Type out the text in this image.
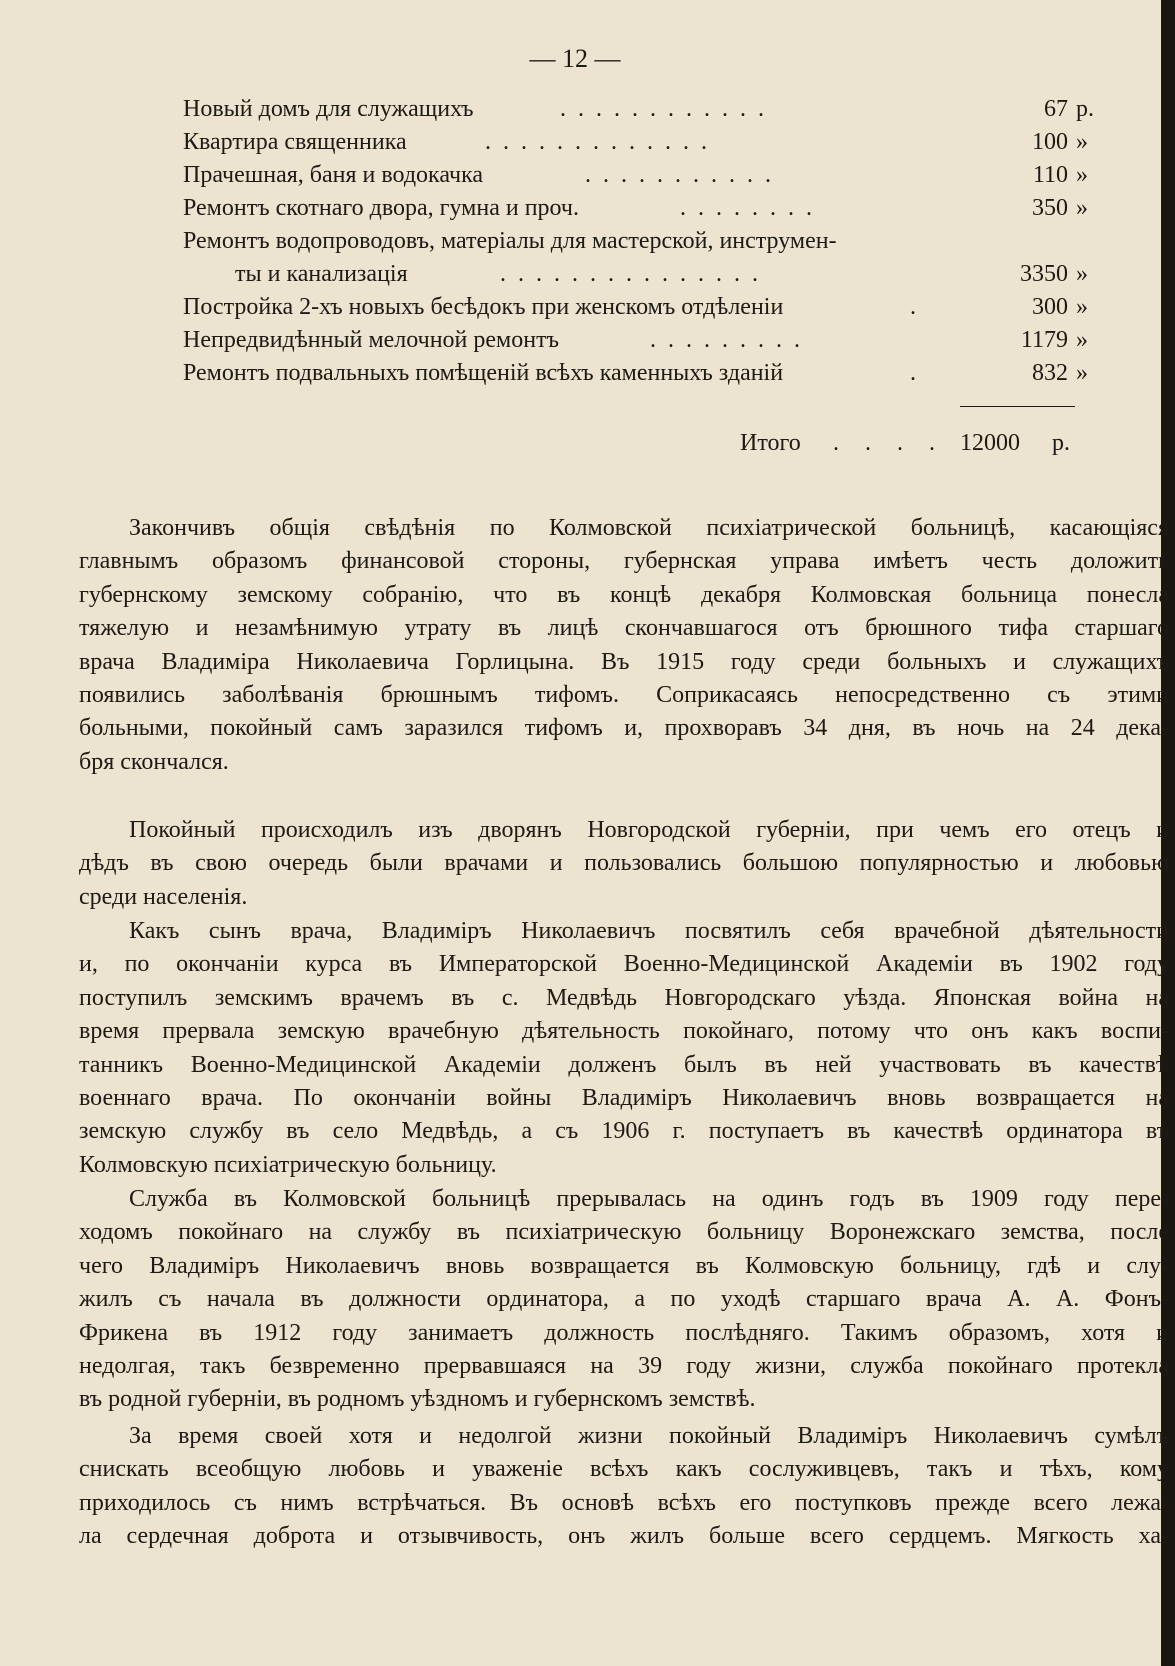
— 12 —
Новый домъ для служащихъ	. . . . . . . . . . . .	67 р.
Квартира священника	. . . . . . . . . . . . .	100 »
Прачешная, баня и водокачка	. . . . . . . . . . .	110 »
Ремонтъ скотнаго двора, гумна и проч.	. . . . . . . .	350 »
Ремонтъ водопроводовъ, матеріалы для мастерской, инструмен-
ты и канализація	. . . . . . . . . . . . . . .	3350 »
Постройка 2-хъ новыхъ бесѣдокъ при женскомъ отдѣленіи	.	300 »
Непредвидѣнный мелочной ремонтъ	. . . . . . . . .	1179 »
Ремонтъ подвальныхъ помѣщеній всѣхъ каменныхъ зданій	.	832 »
Итого . . . . 12000 р.
Закончивъ общія свѣдѣнія по Колмовской психіатрической больницѣ, касающіяся
главнымъ образомъ финансовой стороны, губернская управа имѣетъ честь доложить
губернскому земскому собранію, что въ концѣ декабря Колмовская больница понесла
тяжелую и незамѣнимую утрату въ лицѣ скончавшагося отъ брюшного тифа старшаго
врача Владиміра Николаевича Горлицына. Въ 1915 году среди больныхъ и служащихъ
появились заболѣванія брюшнымъ тифомъ. Соприкасаясь непосредственно съ этими
больными, покойный самъ заразился тифомъ и, прохворавъ 34 дня, въ ночь на 24 дека-
бря скончался.
Покойный происходилъ изъ дворянъ Новгородской губерніи, при чемъ его отецъ и
дѣдъ въ свою очередь были врачами и пользовались большою популярностью и любовью
среди населенія.
Какъ сынъ врача, Владиміръ Николаевичъ посвятилъ себя врачебной дѣятельности
и, по окончаніи курса въ Императорской Военно-Медицинской Академіи въ 1902 году
поступилъ земскимъ врачемъ въ с. Медвѣдь Новгородскаго уѣзда. Японская война на
время прервала земскую врачебную дѣятельность покойнаго, потому что онъ какъ воспи-
танникъ Военно-Медицинской Академіи долженъ былъ въ ней участвовать въ качествѣ
военнаго врача. По окончаніи войны Владиміръ Николаевичъ вновь возвращается на
земскую службу въ село Медвѣдь, а съ 1906 г. поступаетъ въ качествѣ ординатора въ
Колмовскую психіатрическую больницу.
Служба въ Колмовской больницѣ прерывалась на одинъ годъ въ 1909 году пере-
ходомъ покойнаго на службу въ психіатрическую больницу Воронежскаго земства, после
чего Владиміръ Николаевичъ вновь возвращается въ Колмовскую больницу, гдѣ и слу-
жилъ съ начала въ должности ординатора, а по уходѣ старшаго врача А. А. Фонъ-
Фрикена въ 1912 году занимаетъ должность послѣдняго. Такимъ образомъ, хотя и
недолгая, такъ безвременно прервавшаяся на 39 году жизни, служба покойнаго протекла
въ родной губерніи, въ родномъ уѣздномъ и губернскомъ земствѣ.
За время своей хотя и недолгой жизни покойный Владиміръ Николаевичъ сумѣлъ
снискать всеобщую любовь и уваженіе всѣхъ какъ сослуживцевъ, такъ и тѣхъ, кому
приходилось съ нимъ встрѣчаться. Въ основѣ всѣхъ его поступковъ прежде всего лежа-
ла сердечная доброта и отзывчивость, онъ жилъ больше всего сердцемъ. Мягкость ха-
